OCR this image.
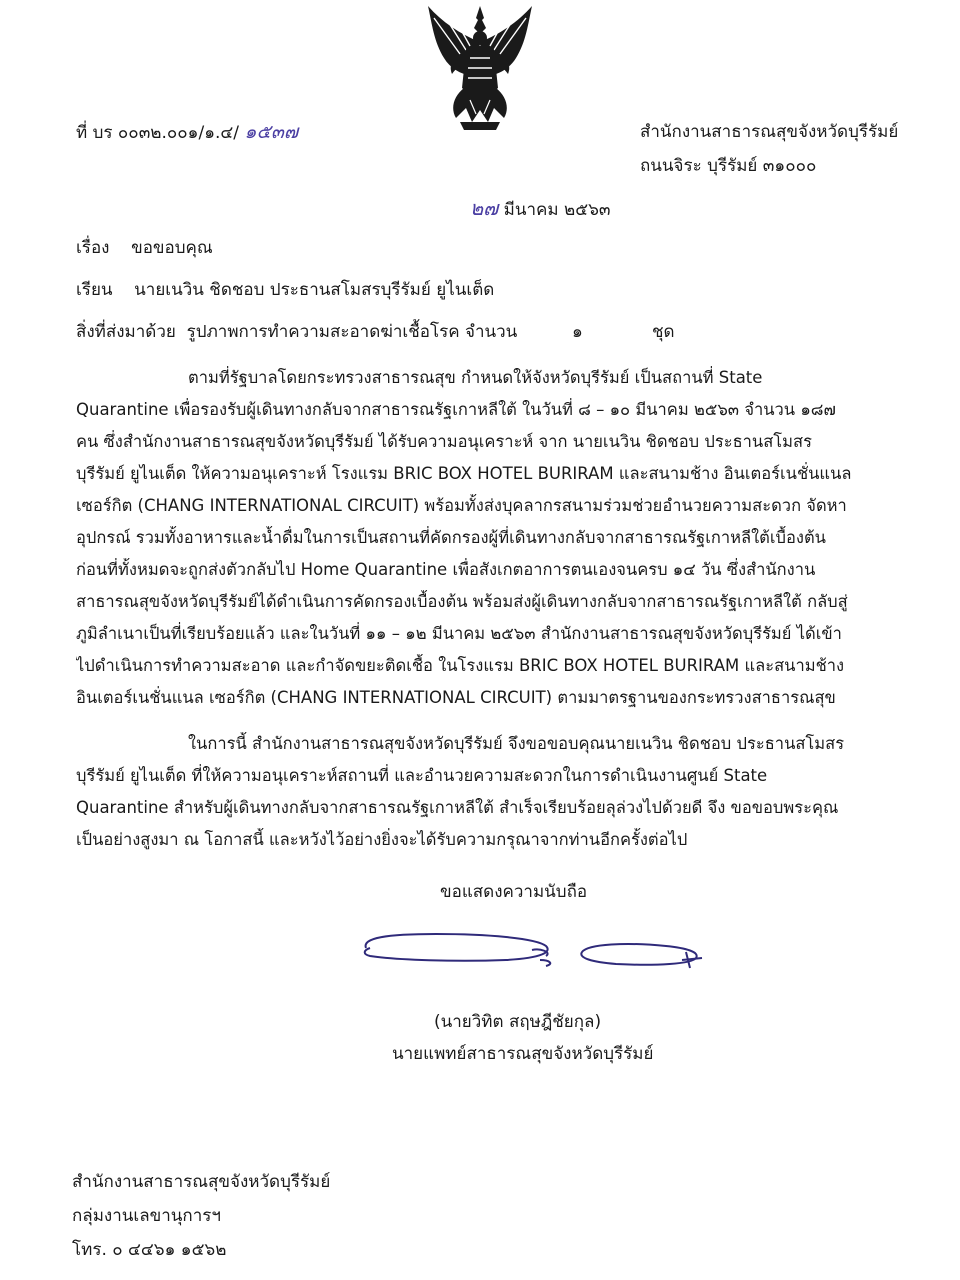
ที่ บร ๐๐๓๒.๐๐๑/๑.๔/ ๑๕๓๗	สำนักงานสาธารณสุขจังหวัดบุรีรัมย์
ถนนจิระ บุรีรัมย์ ๓๑๐๐๐
๒๗ มีนาคม ๒๕๖๓
เรื่อง ขอขอบคุณ
เรียน นายเนวิน ชิดชอบ ประธานสโมสรบุรีรัมย์ ยูไนเต็ด
สิ่งที่ส่งมาด้วย รูปภาพการทำความสะอาดฆ่าเชื้อโรค จำนวน	๑	ชุด
ตามที่รัฐบาลโดยกระทรวงสาธารณสุข กำหนดให้จังหวัดบุรีรัมย์ เป็นสถานที่ State
Quarantine เพื่อรองรับผู้เดินทางกลับจากสาธารณรัฐเกาหลีใต้ ในวันที่ ๘ – ๑๐ มีนาคม ๒๕๖๓ จำนวน ๑๘๗
คน ซึ่งสำนักงานสาธารณสุขจังหวัดบุรีรัมย์ ได้รับความอนุเคราะห์ จาก นายเนวิน ชิดชอบ ประธานสโมสร
บุรีรัมย์ ยูไนเต็ด ให้ความอนุเคราะห์ โรงแรม BRIC BOX HOTEL BURIRAM และสนามช้าง อินเตอร์เนชั่นแนล
เซอร์กิต (CHANG INTERNATIONAL CIRCUIT) พร้อมทั้งส่งบุคลากรสนามร่วมช่วยอำนวยความสะดวก จัดหา
อุปกรณ์ รวมทั้งอาหารและน้ำดื่มในการเป็นสถานที่คัดกรองผู้ที่เดินทางกลับจากสาธารณรัฐเกาหลีใต้เบื้องต้น
ก่อนที่ทั้งหมดจะถูกส่งตัวกลับไป Home Quarantine เพื่อสังเกตอาการตนเองจนครบ ๑๔ วัน ซึ่งสำนักงาน
สาธารณสุขจังหวัดบุรีรัมย์ได้ดำเนินการคัดกรองเบื้องต้น พร้อมส่งผู้เดินทางกลับจากสาธารณรัฐเกาหลีใต้ กลับสู่
ภูมิลำเนาเป็นที่เรียบร้อยแล้ว และในวันที่ ๑๑ – ๑๒ มีนาคม ๒๕๖๓ สำนักงานสาธารณสุขจังหวัดบุรีรัมย์ ได้เข้า
ไปดำเนินการทำความสะอาด และกำจัดขยะติดเชื้อ ในโรงแรม BRIC BOX HOTEL BURIRAM และสนามช้าง
อินเตอร์เนชั่นแนล เซอร์กิต (CHANG INTERNATIONAL CIRCUIT) ตามมาตรฐานของกระทรวงสาธารณสุข
ในการนี้ สำนักงานสาธารณสุขจังหวัดบุรีรัมย์ จึงขอขอบคุณนายเนวิน ชิดชอบ ประธานสโมสร
บุรีรัมย์ ยูไนเต็ด ที่ให้ความอนุเคราะห์สถานที่ และอำนวยความสะดวกในการดำเนินงานศูนย์ State
Quarantine สำหรับผู้เดินทางกลับจากสาธารณรัฐเกาหลีใต้ สำเร็จเรียบร้อยลุล่วงไปด้วยดี จึง ขอขอบพระคุณ
เป็นอย่างสูงมา ณ โอกาสนี้ และหวังไว้อย่างยิ่งจะได้รับความกรุณาจากท่านอีกครั้งต่อไป
ขอแสดงความนับถือ
(นายวิทิต สฤษฎีชัยกุล)
นายแพทย์สาธารณสุขจังหวัดบุรีรัมย์
สำนักงานสาธารณสุขจังหวัดบุรีรัมย์
กลุ่มงานเลขานุการฯ
โทร. ๐ ๔๔๖๑ ๑๕๖๒
